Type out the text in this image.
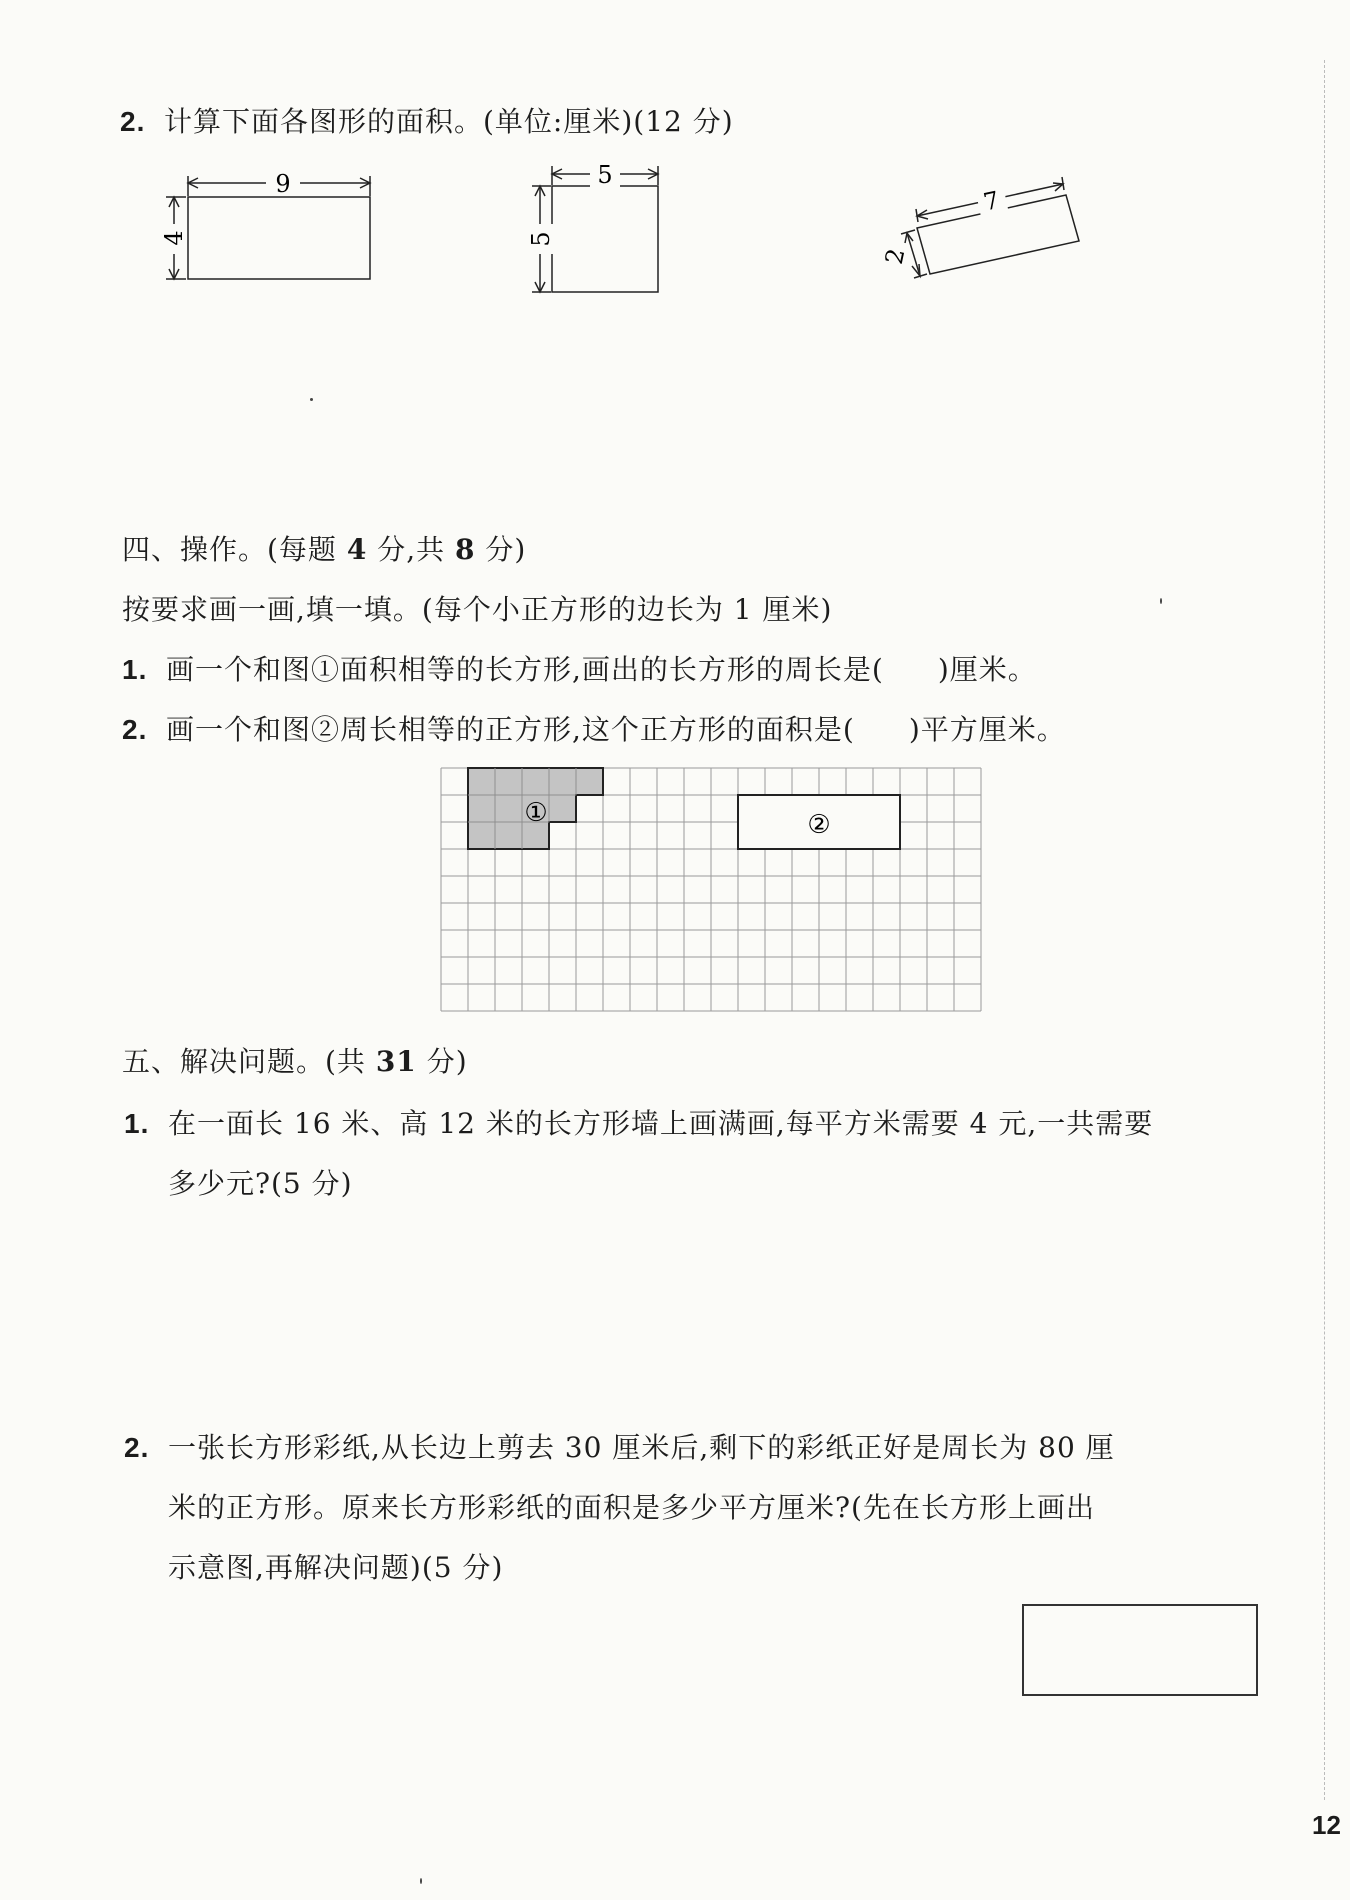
2. 计算下面各图形的面积。(单位:厘米)(12 分)
9
4
5
5
7
2
四、操作。(每题 4 分,共 8 分)
按要求画一画,填一填。(每个小正方形的边长为 1 厘米)
1. 画一个和图①面积相等的长方形,画出的长方形的周长是( )厘米。
2. 画一个和图②周长相等的正方形,这个正方形的面积是( )平方厘米。
①	②
五、解决问题。(共 31 分)
1. 在一面长 16 米、高 12 米的长方形墙上画满画,每平方米需要 4 元,一共需要
多少元?(5 分)
2. 一张长方形彩纸,从长边上剪去 30 厘米后,剩下的彩纸正好是周长为 80 厘
米的正方形。原来长方形彩纸的面积是多少平方厘米?(先在长方形上画出
示意图,再解决问题)(5 分)
12
